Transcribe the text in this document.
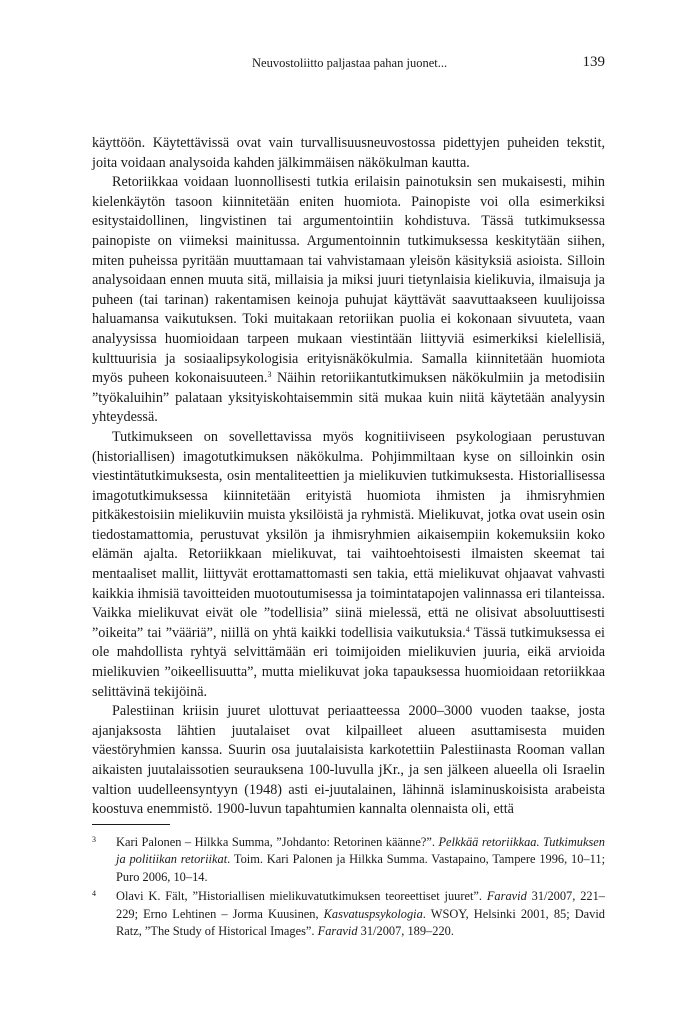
Neuvostoliitto paljastaa pahan juonet...	139

käyttöön. Käytettävissä ovat vain turvallisuusneuvostossa pidettyjen puheiden tekstit, joita voidaan analysoida kahden jälkimmäisen näkökulman kautta.

Retoriikkaa voidaan luonnollisesti tutkia erilaisin painotuksin sen mukaisesti, mihin kielenkäytön tasoon kiinnitetään eniten huomiota. Painopiste voi olla esimerkiksi esitystaidollinen, lingvistinen tai argumentointiin kohdistuva. Tässä tutkimuksessa painopiste on viimeksi mainitussa. Argumentoinnin tutkimuksessa keskitytään siihen, miten puheissa pyritään muuttamaan tai vahvistamaan yleisön käsityksiä asioista. Silloin analysoidaan ennen muuta sitä, millaisia ja miksi juuri tietynlaisia kielikuvia, ilmaisuja ja puheen (tai tarinan) rakentamisen keinoja puhujat käyttävät saavuttaakseen kuulijoissa haluamansa vaikutuksen. Toki muitakaan retoriikan puolia ei kokonaan sivuuteta, vaan analyysissa huomioidaan tarpeen mukaan viestintään liittyviä esimerkiksi kielellisiä, kulttuurisia ja sosiaalipsykologisia erityisnäkökulmia. Samalla kiinnitetään huomiota myös puheen kokonaisuuteen.$^3$ Näihin retoriikantutkimuksen näkökulmiin ja metodisiin ”työkaluihin” palataan yksityiskohtaisemmin sitä mukaa kuin niitä käytetään analyysin yhteydessä.

Tutkimukseen on sovellettavissa myös kognitiiviseen psykologiaan perustuvan (historiallisen) imagotutkimuksen näkökulma. Pohjimmiltaan kyse on silloinkin osin viestintätutkimuksesta, osin mentaliteettien ja mielikuvien tutkimuksesta. Historiallisessa imagotutkimuksessa kiinnitetään erityistä huomiota ihmisten ja ihmisryhmien pitkäkestoisiin mielikuviin muista yksilöistä ja ryhmistä. Mielikuvat, jotka ovat usein osin tiedostamattomia, perustuvat yksilön ja ihmisryhmien aikaisempiin kokemuksiin koko elämän ajalta. Retoriikkaan mielikuvat, tai vaihtoehtoisesti ilmaisten skeemat tai mentaaliset mallit, liittyvät erottamattomasti sen takia, että mielikuvat ohjaavat vahvasti kaikkia ihmisiä tavoitteiden muotoutumisessa ja toimintatapojen valinnassa eri tilanteissa. Vaikka mielikuvat eivät ole ”todellisia” siinä mielessä, että ne olisivat absoluuttisesti ”oikeita” tai ”vääriä”, niillä on yhtä kaikki todellisia vaikutuksia.$^4$ Tässä tutkimuksessa ei ole mahdollista ryhtyä selvittämään eri toimijoiden mielikuvien juuria, eikä arvioida mielikuvien ”oikeellisuutta”, mutta mielikuvat joka tapauksessa huomioidaan retoriikkaa selittävinä tekijöinä.

Palestiinan kriisin juuret ulottuvat periaatteessa 2000–3000 vuoden taakse, josta ajanjaksosta lähtien juutalaiset ovat kilpailleet alueen asuttamisesta muiden väestöryhmien kanssa. Suurin osa juutalaisista karkotettiin Palestiinasta Rooman vallan aikaisten juutalaissotien seurauksena 100-luvulla jKr., ja sen jälkeen alueella oli Israelin valtion uudelleensyntyyn (1948) asti ei-juutalainen, lähinnä islaminuskoisista arabeista koostuva enemmistö. 1900-luvun tapahtumien kannalta olennaista oli, että

3 Kari Palonen – Hilkka Summa, ”Johdanto: Retorinen käänne?”. Pelkkää retoriikkaa. Tutkimuksen ja politiikan retoriikat. Toim. Kari Palonen ja Hilkka Summa. Vastapaino, Tampere 1996, 10–11; Puro 2006, 10–14.
4 Olavi K. Fält, ”Historiallisen mielikuvatutkimuksen teoreettiset juuret”. Faravid 31/2007, 221–229; Erno Lehtinen – Jorma Kuusinen, Kasvatuspsykologia. WSOY, Helsinki 2001, 85; David Ratz, ”The Study of Historical Images”. Faravid 31/2007, 189–220.
